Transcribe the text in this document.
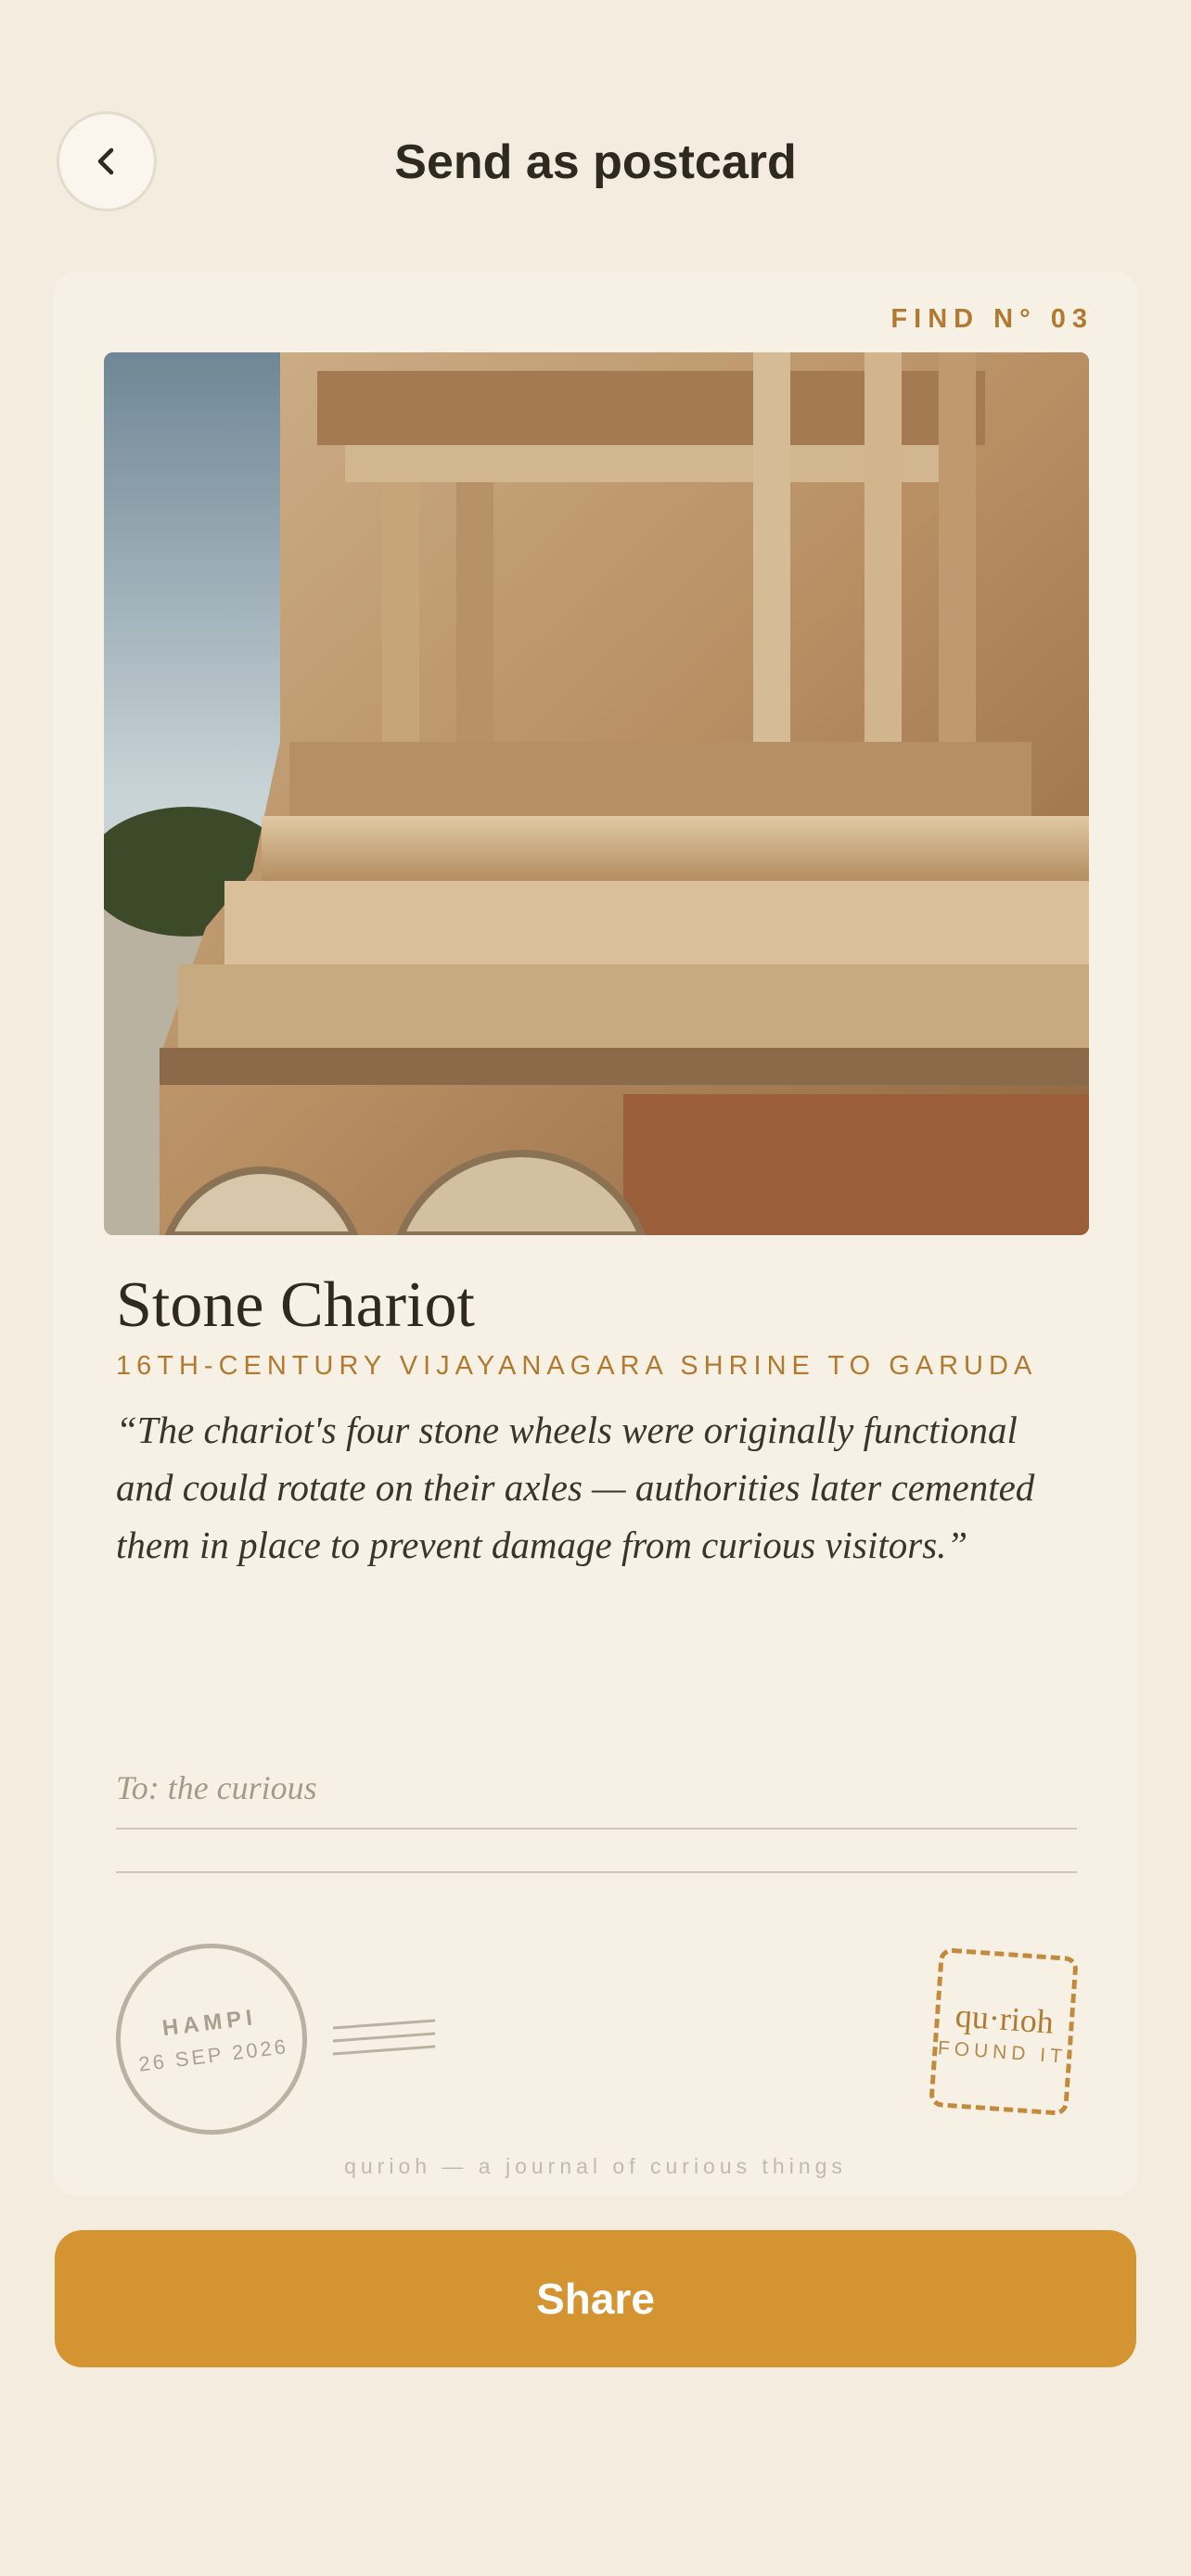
Send as postcard
FIND N° 03
Stone Chariot
16TH-CENTURY VIJAYANAGARA SHRINE TO GARUDA
“The chariot's four stone wheels were originally functional and could rotate on their axles — authorities later cemented them in place to prevent damage from curious visitors.”
To: the curious
HAMPI
26 SEP 2026
qu·rioh
FOUND IT
qurioh — a journal of curious things
Share
